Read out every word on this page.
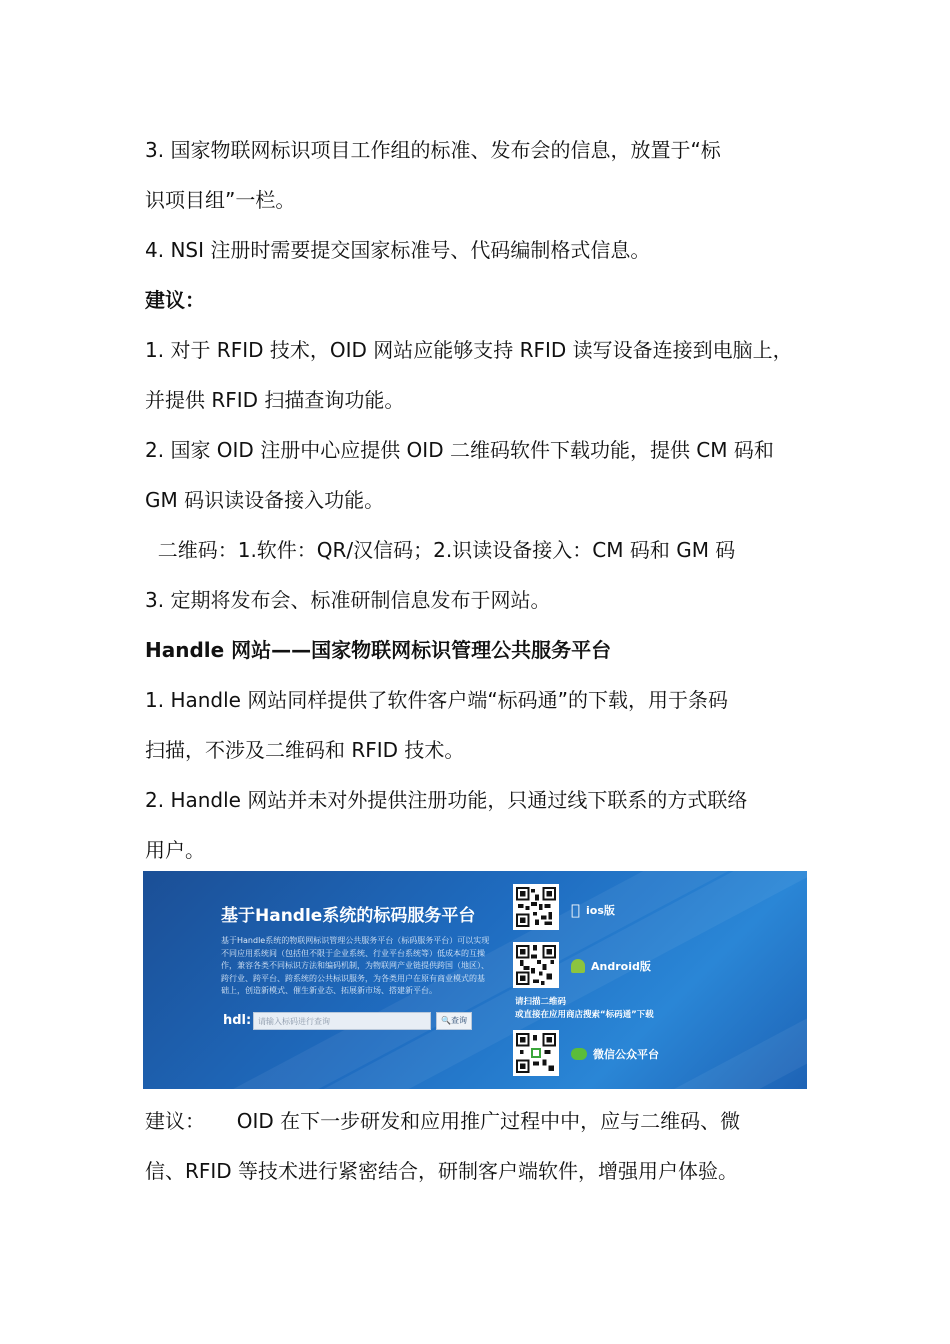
3. 国家物联网标识项目工作组的标准、发布会的信息，放置于“标
识项目组”一栏。
4. NSI 注册时需要提交国家标准号、代码编制格式信息。
建议：
1. 对于 RFID 技术，OID 网站应能够支持 RFID 读写设备连接到电脑上，
并提供 RFID 扫描查询功能。
2. 国家 OID 注册中心应提供 OID 二维码软件下载功能，提供 CM 码和
GM 码识读设备接入功能。
二维码：1.软件：QR/汉信码；2.识读设备接入：CM 码和 GM 码
3. 定期将发布会、标准研制信息发布于网站。
Handle 网站——国家物联网标识管理公共服务平台
1. Handle 网站同样提供了软件客户端“标码通”的下载，用于条码
扫描，不涉及二维码和 RFID 技术。
2. Handle 网站并未对外提供注册功能，只通过线下联系的方式联络
用户。
基于Handle系统的标码服务平台
基于Handle系统的物联网标识管理公共服务平台（标码服务平台）可以实现不同应用系统间（包括但不限于企业系统、行业平台系统等）低成本的互操作，兼容各类不同标识方法和编码机制，为物联网产业链提供跨国（地区）、跨行业、跨平台、跨系统的公共标识服务，为各类用户在原有商业模式的基础上，创造新模式、催生新业态、拓展新市场、搭建新平台。
hdl: 请输入标码进行查询	🔍查询
ios版
Android版
请扫描二维码
或直接在应用商店搜索“标码通”下载
微信公众平台
建议：     OID 在下一步研发和应用推广过程中中，应与二维码、微
信、RFID 等技术进行紧密结合，研制客户端软件，增强用户体验。
